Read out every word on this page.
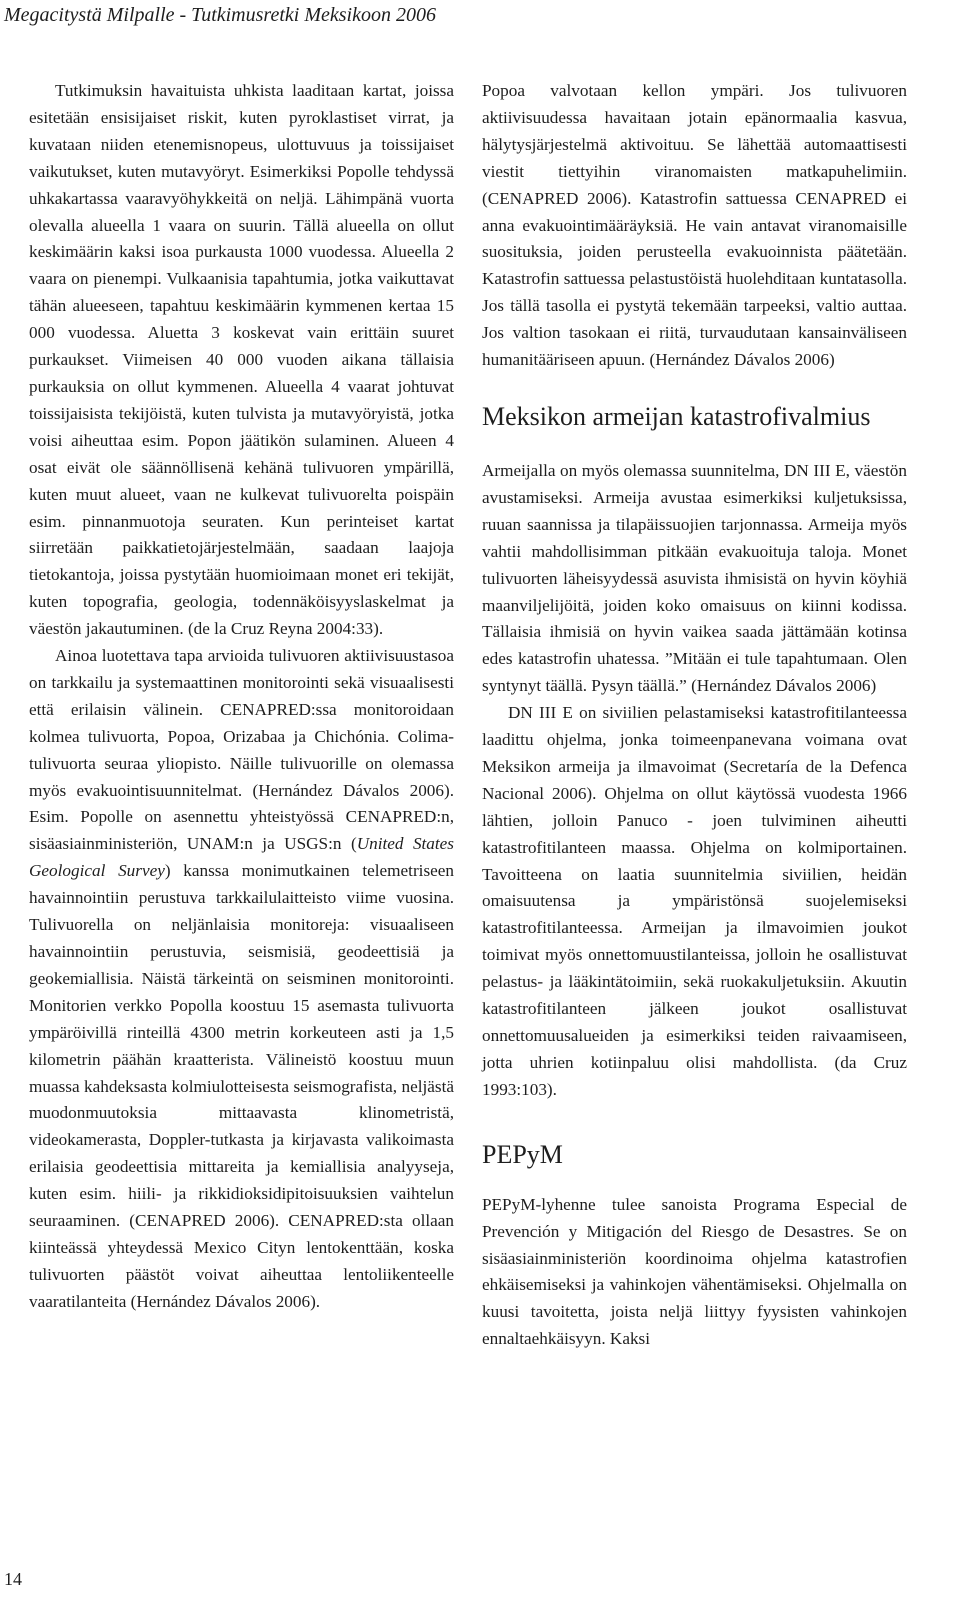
Megacitystä Milpalle - Tutkimusretki Meksikoon 2006

Tutkimuksin havaituista uhkista laaditaan kartat, joissa esitetään ensisijaiset riskit, kuten pyroklastiset virrat, ja kuvataan niiden etenemisnopeus, ulottuvuus ja toissijaiset vaikutukset, kuten mutavyöryt. Esimerkiksi Popolle tehdyssä uhkakartassa vaaravyöhykkeitä on neljä. Lähimpänä vuorta olevalla alueella 1 vaara on suurin. Tällä alueella on ollut keskimäärin kaksi isoa purkausta 1000 vuodessa. Alueella 2 vaara on pienempi. Vulkaanisia tapahtumia, jotka vaikuttavat tähän alueeseen, tapahtuu keskimäärin kymmenen kertaa 15 000 vuodessa. Aluetta 3 koskevat vain erittäin suuret purkaukset. Viimeisen 40 000 vuoden aikana tällaisia purkauksia on ollut kymmenen. Alueella 4 vaarat johtuvat toissijaisista tekijöistä, kuten tulvista ja mutavyöryistä, jotka voisi aiheuttaa esim. Popon jäätikön sulaminen. Alueen 4 osat eivät ole säännöllisenä kehänä tulivuoren ympärillä, kuten muut alueet, vaan ne kulkevat tulivuorelta poispäin esim. pinnanmuotoja seuraten. Kun perinteiset kartat siirretään paikkatietojärjestelmään, saadaan laajoja tietokantoja, joissa pystytään huomioimaan monet eri tekijät, kuten topografia, geologia, todennäköisyyslaskelmat ja väestön jakautuminen. (de la Cruz Reyna 2004:33).

Ainoa luotettava tapa arvioida tulivuoren aktiivisuustasoa on tarkkailu ja systemaattinen monitorointi sekä visuaalisesti että erilaisin välinein. CENAPRED:ssa monitoroidaan kolmea tulivuorta, Popoa, Orizabaa ja Chichónia. Colima-tulivuorta seuraa yliopisto. Näille tulivuorille on olemassa myös evakuointisuunnitelmat. (Hernández Dávalos 2006). Esim. Popolle on asennettu yhteistyössä CENAPRED:n, sisäasiainministeriön, UNAM:n ja USGS:n (United States Geological Survey) kanssa monimutkainen telemetriseen havainnointiin perustuva tarkkailulaitteisto viime vuosina. Tulivuorella on neljänlaisia monitoreja: visuaaliseen havainnointiin perustuvia, seismisiä, geodeettisiä ja geokemiallisia. Näistä tärkeintä on seisminen monitorointi. Monitorien verkko Popolla koostuu 15 asemasta tulivuorta ympäröivillä rinteillä 4300 metrin korkeuteen asti ja 1,5 kilometrin päähän kraatterista. Välineistö koostuu muun muassa kahdeksasta kolmiulotteisesta seismografista, neljästä muodonmuutoksia mittaavasta klinometristä, videokamerasta, Doppler-tutkasta ja kirjavasta valikoimasta erilaisia geodeettisia mittareita ja kemiallisia analyyseja, kuten esim. hiili- ja rikkidioksidipitoisuuksien vaihtelun seuraaminen. (CENAPRED 2006). CENAPRED:sta ollaan kiinteässä yhteydessä Mexico Cityn lentokenttään, koska tulivuorten päästöt voivat aiheuttaa lentoliikenteelle vaaratilanteita (Hernández Dávalos 2006).

Popoa valvotaan kellon ympäri. Jos tulivuoren aktiivisuudessa havaitaan jotain epänormaalia kasvua, hälytysjärjestelmä aktivoituu. Se lähettää automaattisesti viestit tiettyihin viranomaisten matkapuhelimiin. (CENAPRED 2006). Katastrofin sattuessa CENAPRED ei anna evakuointimääräyksiä. He vain antavat viranomaisille suosituksia, joiden perusteella evakuoinnista päätetään. Katastrofin sattuessa pelastustöistä huolehditaan kuntatasolla. Jos tällä tasolla ei pystytä tekemään tarpeeksi, valtio auttaa. Jos valtion tasokaan ei riitä, turvaudutaan kansainväliseen humanitääriseen apuun. (Hernández Dávalos 2006)

Meksikon armeijan katastrofivalmius

Armeijalla on myös olemassa suunnitelma, DN III E, väestön avustamiseksi. Armeija avustaa esimerkiksi kuljetuksissa, ruuan saannissa ja tilapäissuojien tarjonnassa. Armeija myös vahtii mahdollisimman pitkään evakuoituja taloja. Monet tulivuorten läheisyydessä asuvista ihmisistä on hyvin köyhiä maanviljelijöitä, joiden koko omaisuus on kiinni kodissa. Tällaisia ihmisiä on hyvin vaikea saada jättämään kotinsa edes katastrofin uhatessa. ”Mitään ei tule tapahtumaan. Olen syntynyt täällä. Pysyn täällä.” (Hernández Dávalos 2006)

DN III E on siviilien pelastamiseksi katastrofitilanteessa laadittu ohjelma, jonka toimeenpanevana voimana ovat Meksikon armeija ja ilmavoimat (Secretaría de la Defenca Nacional 2006). Ohjelma on ollut käytössä vuodesta 1966 lähtien, jolloin Panuco - joen tulviminen aiheutti katastrofitilanteen maassa. Ohjelma on kolmiportainen. Tavoitteena on laatia suunnitelmia siviilien, heidän omaisuutensa ja ympäristönsä suojelemiseksi katastrofitilanteessa. Armeijan ja ilmavoimien joukot toimivat myös onnettomuustilanteissa, jolloin he osallistuvat pelastus- ja lääkintätoimiin, sekä ruokakuljetuksiin. Akuutin katastrofitilanteen jälkeen joukot osallistuvat onnettomuusalueiden ja esimerkiksi teiden raivaamiseen, jotta uhrien kotiinpaluu olisi mahdollista. (da Cruz 1993:103).

PEPyM

PEPyM-lyhenne tulee sanoista Programa Especial de Prevención y Mitigación del Riesgo de Desastres. Se on sisäasiainministeriön koordinoima ohjelma katastrofien ehkäisemiseksi ja vahinkojen vähentämiseksi. Ohjelmalla on kuusi tavoitetta, joista neljä liittyy fyysisten vahinkojen ennaltaehkäisyyn. Kaksi

14
